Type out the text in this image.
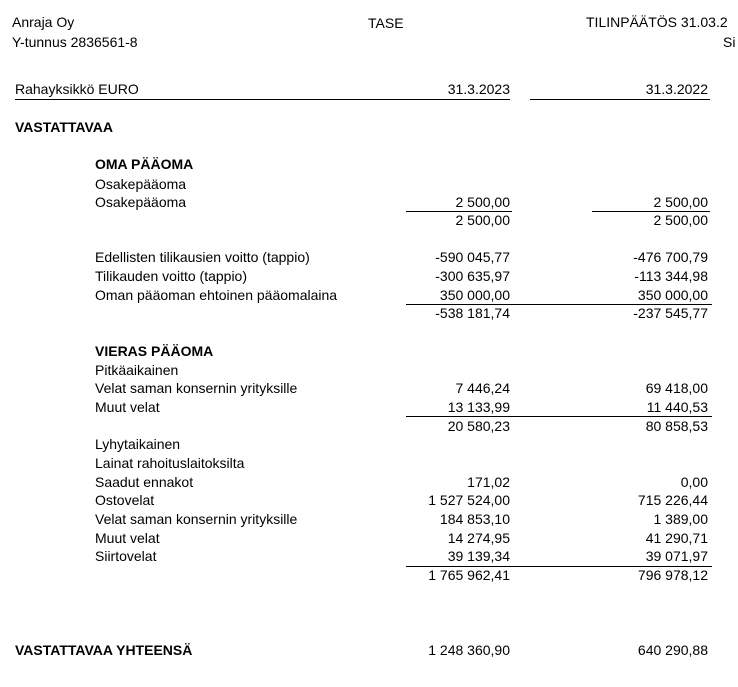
Anraja Oy
Y-tunnus 2836561-8
TASE	TILINPÄÄTÖS 31.03.2
Si
Rahayksikkö EURO	31.3.2023	31.3.2022
VASTATTAVAA
OMA PÄÄOMA
Osakepääoma
Osakepääoma	2 500,00	2 500,00
2 500,00	2 500,00
Edellisten tilikausien voitto (tappio)	-590 045,77	-476 700,79
Tilikauden voitto (tappio)	-300 635,97	-113 344,98
Oman pääoman ehtoinen pääomalaina	350 000,00	350 000,00
-538 181,74	-237 545,77
VIERAS PÄÄOMA
Pitkäaikainen
Velat saman konsernin yrityksille	7 446,24	69 418,00
Muut velat	13 133,99	11 440,53
20 580,23	80 858,53
Lyhytaikainen
Lainat rahoituslaitoksilta
Saadut ennakot	171,02	0,00
Ostovelat	1 527 524,00	715 226,44
Velat saman konsernin yrityksille	184 853,10	1 389,00
Muut velat	14 274,95	41 290,71
Siirtovelat	39 139,34	39 071,97
1 765 962,41	796 978,12
VASTATTAVAA YHTEENSÄ	1 248 360,90	640 290,88
